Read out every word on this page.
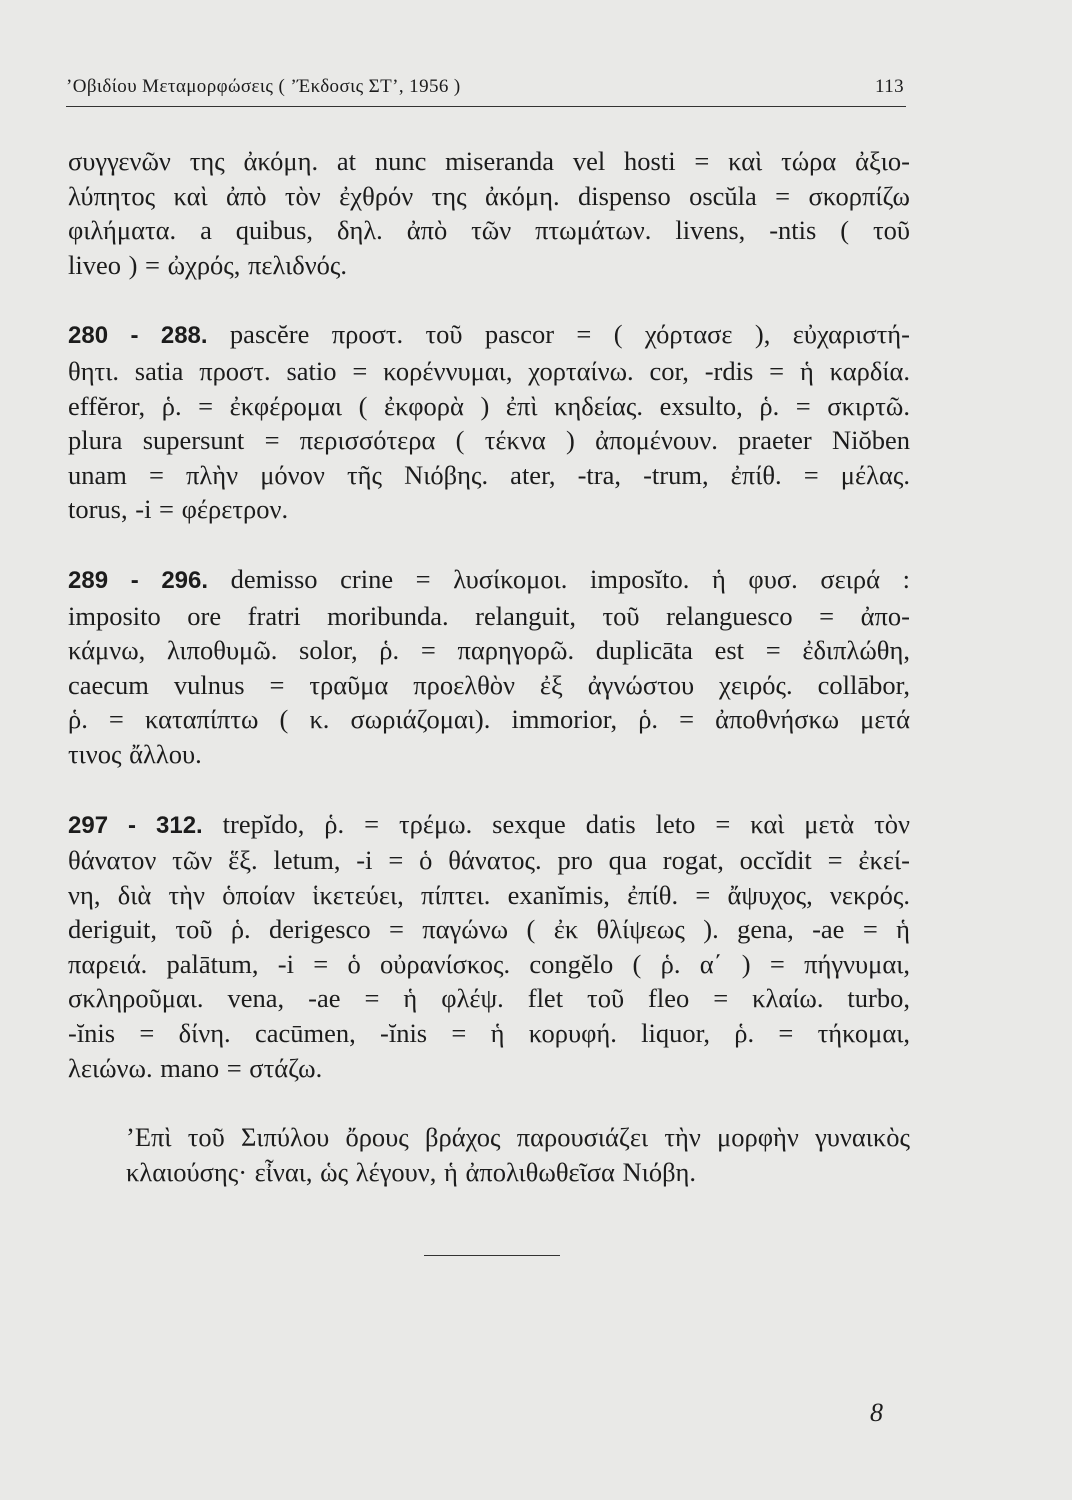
’Οβιδίου Μεταμορφώσεις ( ’Έκδοσις ΣΤ’, 1956 )	113

συγγενῶν της ἀκόμη. at nunc miseranda vel hosti = καὶ τώρα ἀξιο-
λύπητος καὶ ἀπὸ τὸν ἐχθρόν της ἀκόμη. dispenso oscŭla = σκορπίζω
φιλήματα. a quibus, δηλ. ἀπὸ τῶν πτωμάτων. livens, -ntis ( τοῦ
liveo ) = ὠχρός, πελιδνός.

280 - 288. pascĕre προστ. τοῦ pascor = ( χόρτασε ), εὐχαριστή-
θητι. satia προστ. satio = κορέννυμαι, χορταίνω. cor, -rdis = ἡ καρδία.
effĕror, ῥ. = ἐκφέρομαι ( ἐκφορὰ ) ἐπὶ κηδείας. exsulto, ῥ. = σκιρτῶ.
plura supersunt = περισσότερα ( τέκνα ) ἀπομένουν. praeter Niŏben
unam = πλὴν μόνον τῆς Νιόβης. ater, -tra, -trum, ἐπίθ. = μέλας.
torus, -i = φέρετρον.

289 - 296. demisso crine = λυσίκομοι. imposĭto. ἡ φυσ. σειρά :
imposito ore fratri moribunda. relanguit, τοῦ relanguesco = ἀπο-
κάμνω, λιποθυμῶ. solor, ῥ. = παρηγορῶ. duplicāta est = ἐδιπλώθη,
caecum vulnus = τραῦμα προελθὸν ἐξ ἀγνώστου χειρός. collābor,
ῥ. = καταπίπτω ( κ. σωριάζομαι). immorior, ῥ. = ἀποθνήσκω μετά
τινος ἄλλου.

297 - 312. trepĭdo, ῥ. = τρέμω. sexque datis leto = καὶ μετὰ τὸν
θάνατον τῶν ἕξ. letum, -i = ὁ θάνατος. pro qua rogat, occĭdit = ἐκεί-
νη, διὰ τὴν ὁποίαν ἱκετεύει, πίπτει. exanĭmis, ἐπίθ. = ἄψυχος, νεκρός.
deriguit, τοῦ ῥ. derigesco = παγώνω ( ἐκ θλίψεως ). gena, -ae = ἡ
παρειά. palātum, -i = ὁ οὐρανίσκος. congĕlo ( ῥ. α΄ ) = πήγνυμαι,
σκληροῦμαι. vena, -ae = ἡ φλέψ. flet τοῦ fleo = κλαίω. turbo,
-ĭnis = δίνη. cacūmen, -ĭnis = ἡ κορυφή. liquor, ῥ. = τήκομαι,
λειώνω. mano = στάζω.

’Επὶ τοῦ Σιπύλου ὄρους βράχος παρουσιάζει τὴν μορφὴν γυναικὸς
κλαιούσης· εἶναι, ὡς λέγουν, ἡ ἀπολιθωθεῖσα Νιόβη.

8
